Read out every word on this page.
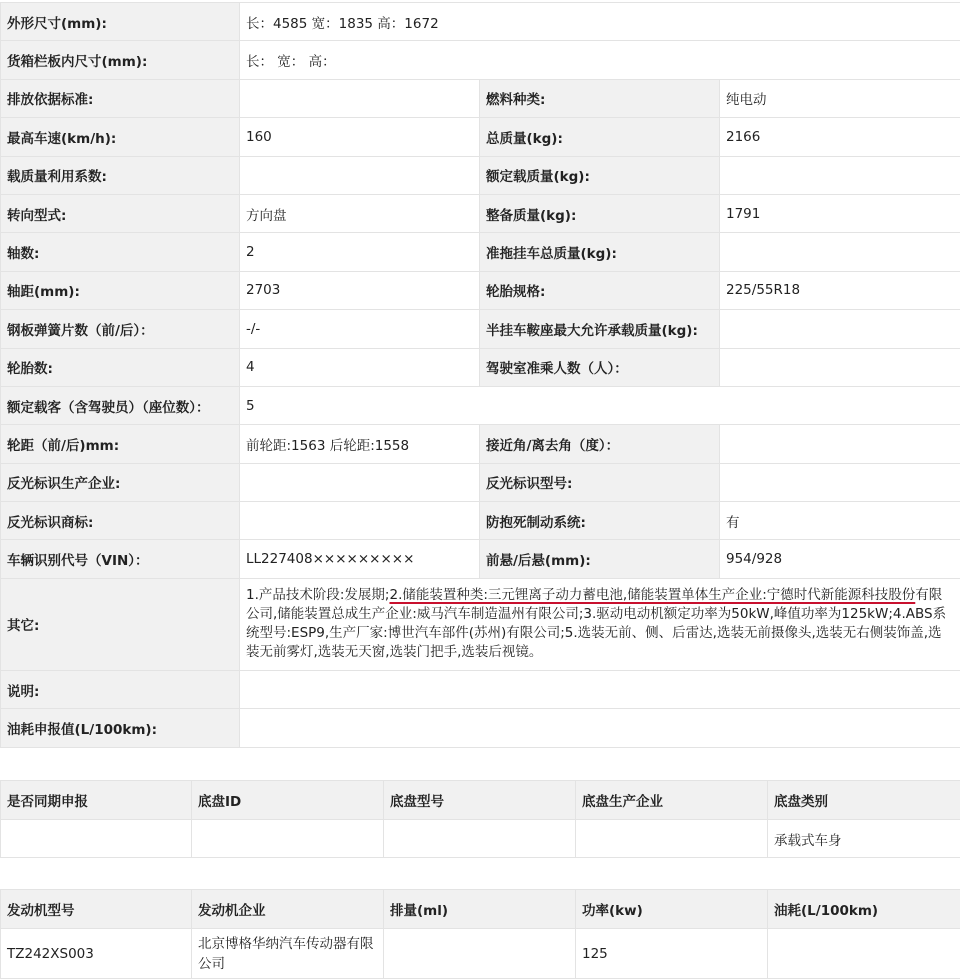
外形尺寸(mm):	长：4585 宽：1835 高：1672		
货箱栏板内尺寸(mm):	长： 宽： 高：		
排放依据标准:		燃料种类:	纯电动
最高车速(km/h):	160	总质量(kg):	2166
载质量利用系数:		额定载质量(kg):	
转向型式:	方向盘	整备质量(kg):	1791
轴数:	2	准拖挂车总质量(kg):	
轴距(mm):	2703	轮胎规格:	225/55R18
钢板弹簧片数（前/后）：	-/-	半挂车鞍座最大允许承载质量(kg):	
轮胎数:	4	驾驶室准乘人数（人）：	
额定载客（含驾驶员）（座位数）：	5		
轮距（前/后)mm:	前轮距:1563 后轮距:1558	接近角/离去角（度）：	
反光标识生产企业:		反光标识型号:	
反光标识商标:		防抱死制动系统:	有
车辆识别代号（VIN）：	LL227408×××××××××	前悬/后悬(mm):	954/928
其它:	1.产品技术阶段:发展期;2.储能装置种类:三元锂离子动力蓄电池,储能装置单体生产企业:宁德时代新能源科技股份有限公司,储能装置总成生产企业:威马汽车制造温州有限公司;3.驱动电动机额定功率为50kW,峰值功率为125kW;4.ABS系统型号:ESP9,生产厂家:博世汽车部件(苏州)有限公司;5.选装无前、侧、后雷达,选装无前摄像头,选装无右侧装饰盖,选装无前雾灯,选装无天窗,选装门把手,选装后视镜。		
说明:			
油耗申报值(L/100km):			
是否同期申报	底盘ID	底盘型号	底盘生产企业	底盘类别
				承载式车身
发动机型号	发动机企业	排量(ml)	功率(kw)	油耗(L/100km)
TZ242XS003	北京博格华纳汽车传动器有限公司		125	
